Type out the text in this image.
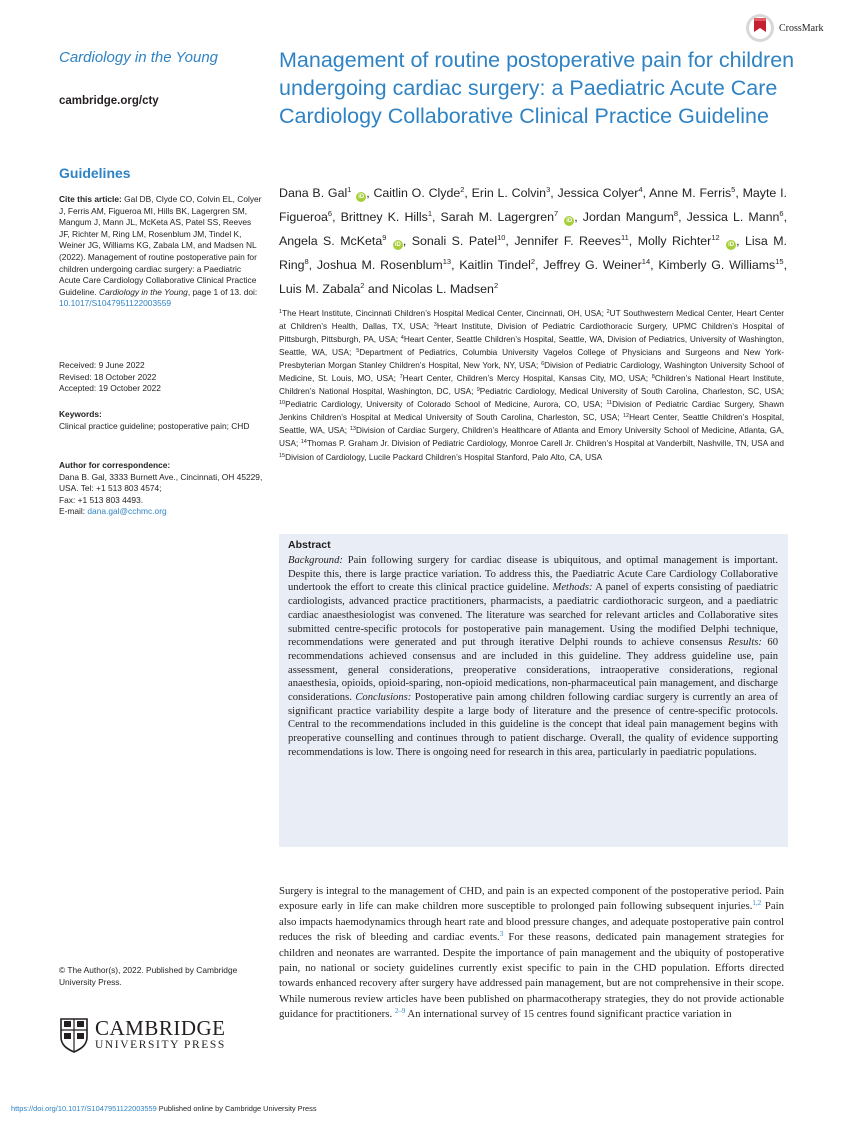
CrossMark

Cardiology in the Young

cambridge.org/cty

Guidelines

Cite this article: Gal DB, Clyde CO, Colvin EL, Colyer J, Ferris AM, Figueroa MI, Hills BK, Lagergren SM, Mangum J, Mann JL, McKeta AS, Patel SS, Reeves JF, Richter M, Ring LM, Rosenblum JM, Tindel K, Weiner JG, Williams KG, Zabala LM, and Madsen NL (2022). Management of routine postoperative pain for children undergoing cardiac surgery: a Paediatric Acute Care Cardiology Collaborative Clinical Practice Guideline. Cardiology in the Young, page 1 of 13. doi: 10.1017/S1047951122003559
Received: 9 June 2022
Revised: 18 October 2022
Accepted: 19 October 2022
Keywords:
Clinical practice guideline; postoperative pain; CHD
Author for correspondence:
Dana B. Gal, 3333 Burnett Ave., Cincinnati, OH 45229, USA. Tel: +1 513 803 4574;
Fax: +1 513 803 4493.
E-mail: dana.gal@cchmc.org
© The Author(s), 2022. Published by Cambridge University Press.
CAMBRIDGE
UNIVERSITY PRESS
Management of routine postoperative pain for children undergoing cardiac surgery: a Paediatric Acute Care Cardiology Collaborative Clinical Practice Guideline
Dana B. Gal$^1$ iD , Caitlin O. Clyde$^2$, Erin L. Colvin$^3$, Jessica Colyer$^4$, Anne M. Ferris$^5$, Mayte I. Figueroa$^6$, Brittney K. Hills$^1$, Sarah M. Lagergren$^7$ iD , Jordan Mangum$^8$, Jessica L. Mann$^6$, Angela S. McKeta$^9$ iD , Sonali S. Patel$^{10}$, Jennifer F. Reeves$^{11}$, Molly Richter$^{12}$ iD , Lisa M. Ring$^8$, Joshua M. Rosenblum$^{13}$, Kaitlin Tindel$^2$, Jeffrey G. Weiner$^{14}$, Kimberly G. Williams$^{15}$, Luis M. Zabala$^2$ and Nicolas L. Madsen$^2$
$^1$The Heart Institute, Cincinnati Children’s Hospital Medical Center, Cincinnati, OH, USA; $^2$UT Southwestern Medical Center, Heart Center at Children’s Health, Dallas, TX, USA; $^3$Heart Institute, Division of Pediatric Cardiothoracic Surgery, UPMC Children’s Hospital of Pittsburgh, Pittsburgh, PA, USA; $^4$Heart Center, Seattle Children’s Hospital, Seattle, WA, Division of Pediatrics, University of Washington, Seattle, WA, USA; $^5$Department of Pediatrics, Columbia University Vagelos College of Physicians and Surgeons and New York-Presbyterian Morgan Stanley Children’s Hospital, New York, NY, USA; $^6$Division of Pediatric Cardiology, Washington University School of Medicine, St. Louis, MO, USA; $^7$Heart Center, Children’s Mercy Hospital, Kansas City, MO, USA; $^8$Children’s National Heart Institute, Children’s National Hospital, Washington, DC, USA; $^9$Pediatric Cardiology, Medical University of South Carolina, Charleston, SC, USA; $^{10}$Pediatric Cardiology, University of Colorado School of Medicine, Aurora, CO, USA; $^{11}$Division of Pediatric Cardiac Surgery, Shawn Jenkins Children’s Hospital at Medical University of South Carolina, Charleston, SC, USA; $^{12}$Heart Center, Seattle Children’s Hospital, Seattle, WA, USA; $^{13}$Division of Cardiac Surgery, Children’s Healthcare of Atlanta and Emory University School of Medicine, Atlanta, GA, USA; $^{14}$Thomas P. Graham Jr. Division of Pediatric Cardiology, Monroe Carell Jr. Children’s Hospital at Vanderbilt, Nashville, TN, USA and $^{15}$Division of Cardiology, Lucile Packard Children’s Hospital Stanford, Palo Alto, CA, USA

Abstract

Background: Pain following surgery for cardiac disease is ubiquitous, and optimal management is important. Despite this, there is large practice variation. To address this, the Paediatric Acute Care Cardiology Collaborative undertook the effort to create this clinical practice guideline. Methods: A panel of experts consisting of paediatric cardiologists, advanced practice practitioners, pharmacists, a paediatric cardiothoracic surgeon, and a paediatric cardiac anaesthesiologist was convened. The literature was searched for relevant articles and Collaborative sites submitted centre-specific protocols for postoperative pain management. Using the modified Delphi technique, recommendations were generated and put through iterative Delphi rounds to achieve consensus Results: 60 recommendations achieved consensus and are included in this guideline. They address guideline use, pain assessment, general considerations, preoperative considerations, intraoperative considerations, regional anaesthesia, opioids, opioid-sparing, non-opioid medications, non-pharmaceutical pain management, and discharge considerations. Conclusions: Postoperative pain among children following cardiac surgery is currently an area of significant practice variability despite a large body of literature and the presence of centre-specific protocols. Central to the recommendations included in this guideline is the concept that ideal pain management begins with preoperative counselling and continues through to patient discharge. Overall, the quality of evidence supporting recommendations is low. There is ongoing need for research in this area, particularly in paediatric populations.

Surgery is integral to the management of CHD, and pain is an expected component of the postoperative period. Pain exposure early in life can make children more susceptible to prolonged pain following subsequent injuries.$^{1,2}$ Pain also impacts haemodynamics through heart rate and blood pressure changes, and adequate postoperative pain control reduces the risk of bleeding and cardiac events.$^3$ For these reasons, dedicated pain management strategies for children and neonates are warranted. Despite the importance of pain management and the ubiquity of postoperative pain, no national or society guidelines currently exist specific to pain in the CHD population. Efforts directed towards enhanced recovery after surgery have addressed pain management, but are not comprehensive in their scope. While numerous review articles have been published on pharmacotherapy strategies, they do not provide actionable guidance for practitioners. $^{2-9}$ An international survey of 15 centres found significant practice variation in

https://doi.org/10.1017/S1047951122003559 Published online by Cambridge University Press
